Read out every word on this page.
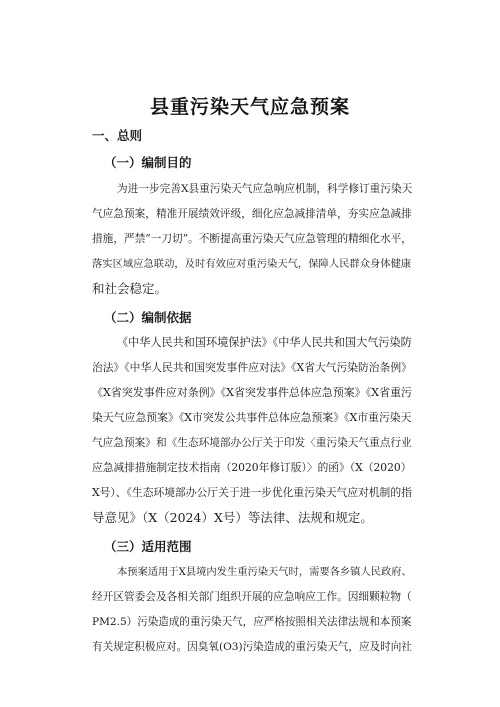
县重污染天气应急预案
一、总则
（一）编制目的
为进一步完善X县重污染天气应急响应机制，科学修订重污染天
气应急预案，精准开展绩效评级，细化应急减排清单，夯实应急减排
措施，严禁“一刀切”。不断提高重污染天气应急管理的精细化水平，
落实区域应急联动，及时有效应对重污染天气，保障人民群众身体健康
和社会稳定。
（二）编制依据
《中华人民共和国环境保护法》《中华人民共和国大气污染防
治法》《中华人民共和国突发事件应对法》《X省大气污染防治条例》
《X省突发事件应对条例》《X省突发事件总体应急预案》《X省重污
染天气应急预案》《X市突发公共事件总体应急预案》《X市重污染天
气应急预案》和《生态环境部办公厅关于印发〈重污染天气重点行业
应急减排措施制定技术指南（2020年修订版）〉的函》（X（2020）
X号）、《生态环境部办公厅关于进一步优化重污染天气应对机制的指
导意见》（X（2024）X号）等法律、法规和规定。
（三）适用范围
本预案适用于X县境内发生重污染天气时，需要各乡镇人民政府、
经开区管委会及各相关部门组织开展的应急响应工作。因细颗粒物（
PM2.5）污染造成的重污染天气，应严格按照相关法律法规和本预案
有关规定积极应对。因臭氧(O3)污染造成的重污染天气，应及时向社
